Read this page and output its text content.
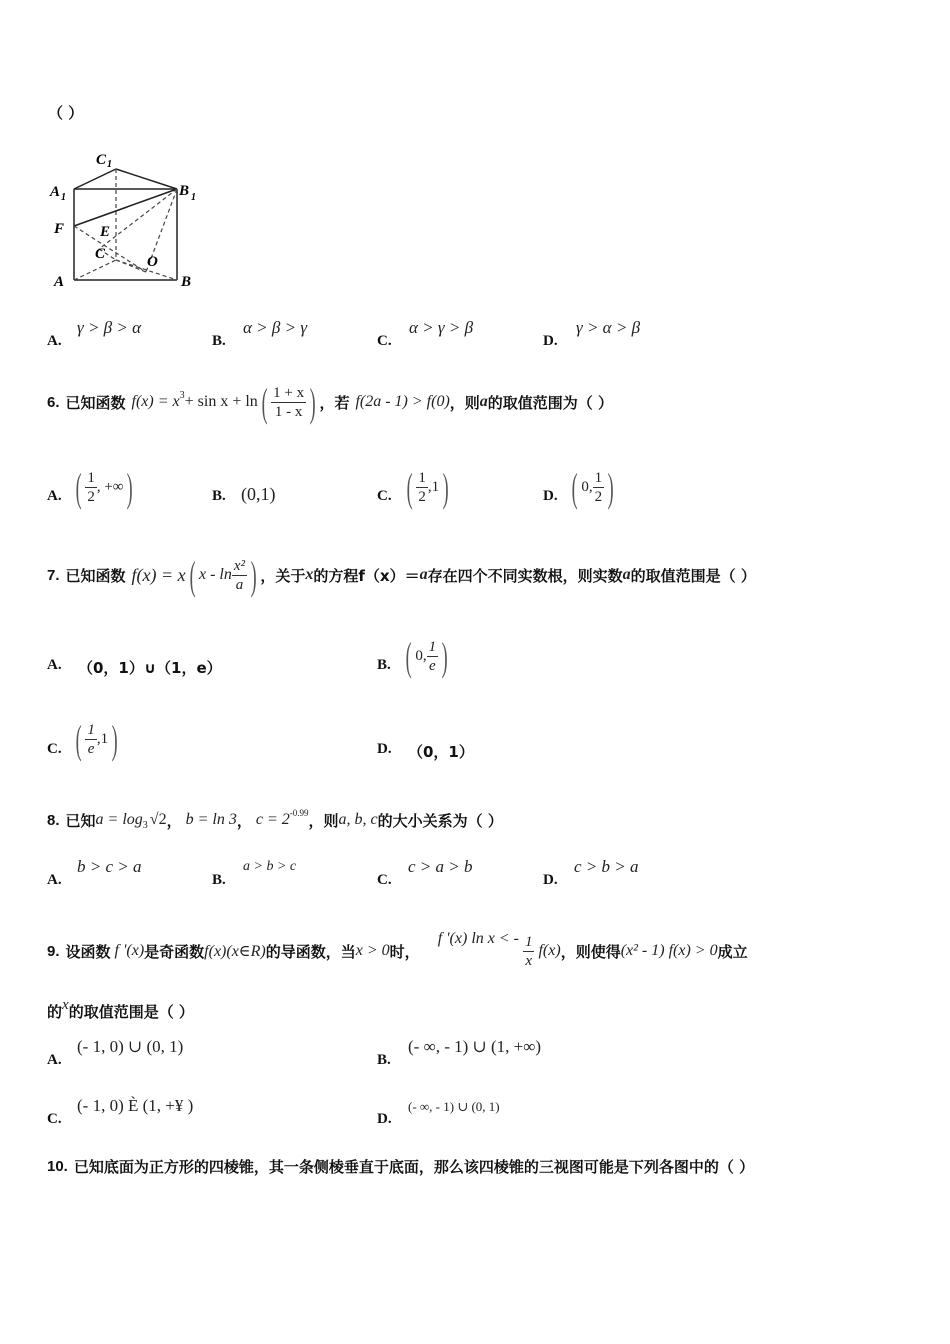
（ ）
C 1
A 1	B 1
F E
C	O
A	B
A.
γ > β > α
B.
α > β > γ
C.
α > γ > β
D.
γ > α > β
6. 已知函数 f(x) = x 3 + sin x + ln ( $\frac{1 + x}{1 - x}$ ) ，若 f(2a - 1) > f(0) ，则 a 的取值范围为（ ）
A. ( $\frac{1}{2}$ , +∞ )	B. (0,1)	C. ( $\frac{1}{2} ,1$ )	D. ( 0, $\frac{1}{2}$ )
7. 已知函数 f(x) = x ( x - $\ln \frac{\text{x²}}{a}$ ) ，关于 x 的方程 f（x）＝ a 存在四个不同实数根，则实数 a 的取值范围是（ ）
A. （0，1）∪（1，e）	B. ( 0, $\frac{1}{e}$ )
C. ( $\frac{1}{e} ,1$ )	D. （0，1）
8. 已知 a = log 3 √2 ， b = ln 3 ， c = 2 -0.99 ，则 a, b, c 的大小关系为（ ）
A.
b > c > a
B.
a > b > c
C.
c > a > b
D.
c > b > a
9. 设函数 f '(x) 是奇函数 f(x)(x∈R) 的导函数，当 x > 0 时，
f '(x) ln x < - $\frac{1}{x} f(x)$ ，则使得 (x² - 1) f(x) > 0 成立
的 x 的取值范围是（ ）
A.
(- 1, 0) ∪ (0, 1)
B.
(- ∞, - 1) ∪ (1, +∞)
C.
(- 1, 0) È (1, +¥ )
D.
(- ∞, - 1) ∪ (0, 1)
10. 已知底面为正方形的四棱锥，其一条侧棱垂直于底面，那么该四棱锥的三视图可能是下列各图中的（ ）
